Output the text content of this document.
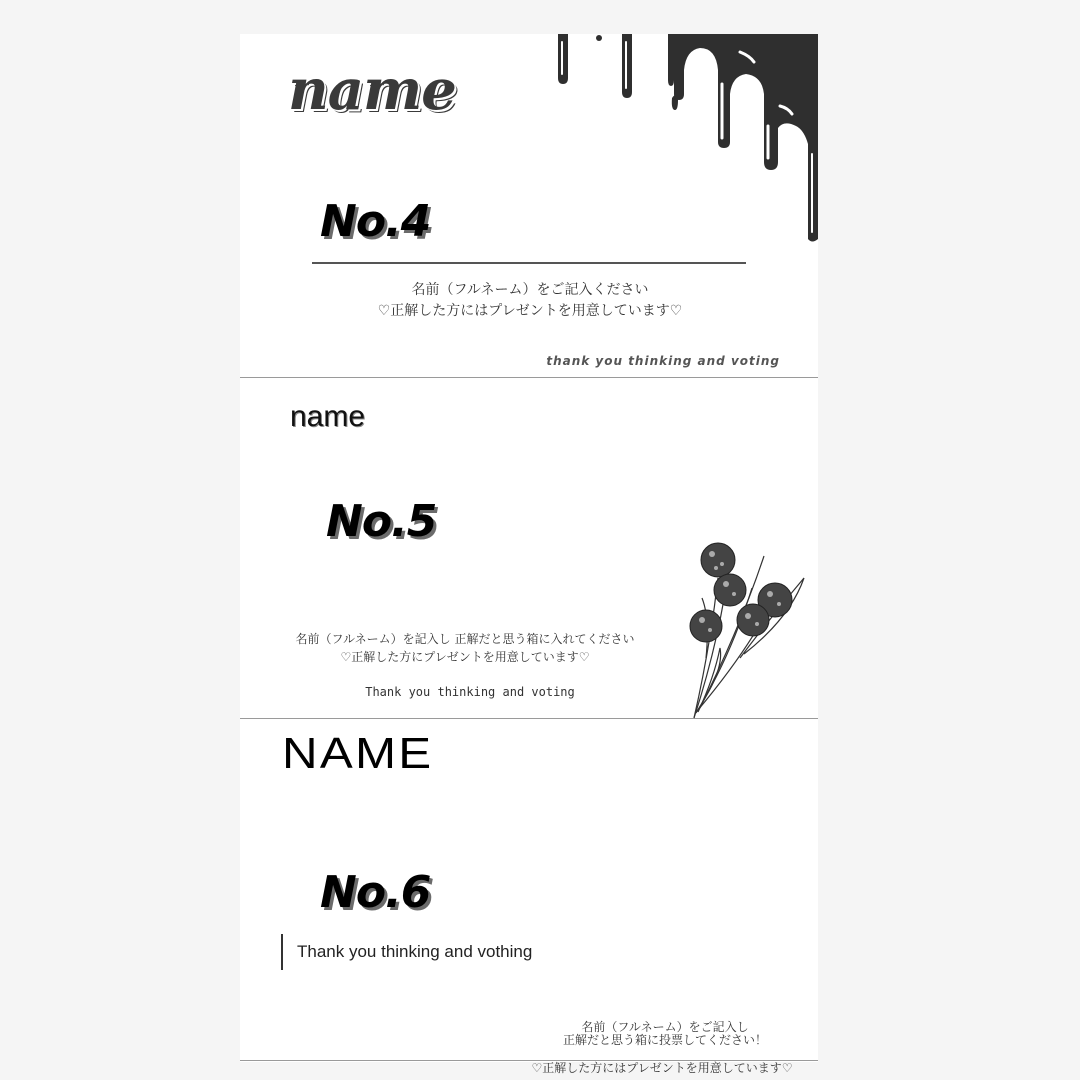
name
No.4
名前（フルネーム）をご記入ください
♡正解した方にはプレゼントを用意しています♡
thank you thinking and voting
name
No.5
名前（フルネーム）を記入し 正解だと思う箱に入れてください
♡正解した方にプレゼントを用意しています♡
Thank you thinking and voting
NAME
No.6
Thank you thinking and vothing
名前（フルネーム）をご記入し
正解だと思う箱に投票してください！
♡正解した方にはプレゼントを用意しています♡
